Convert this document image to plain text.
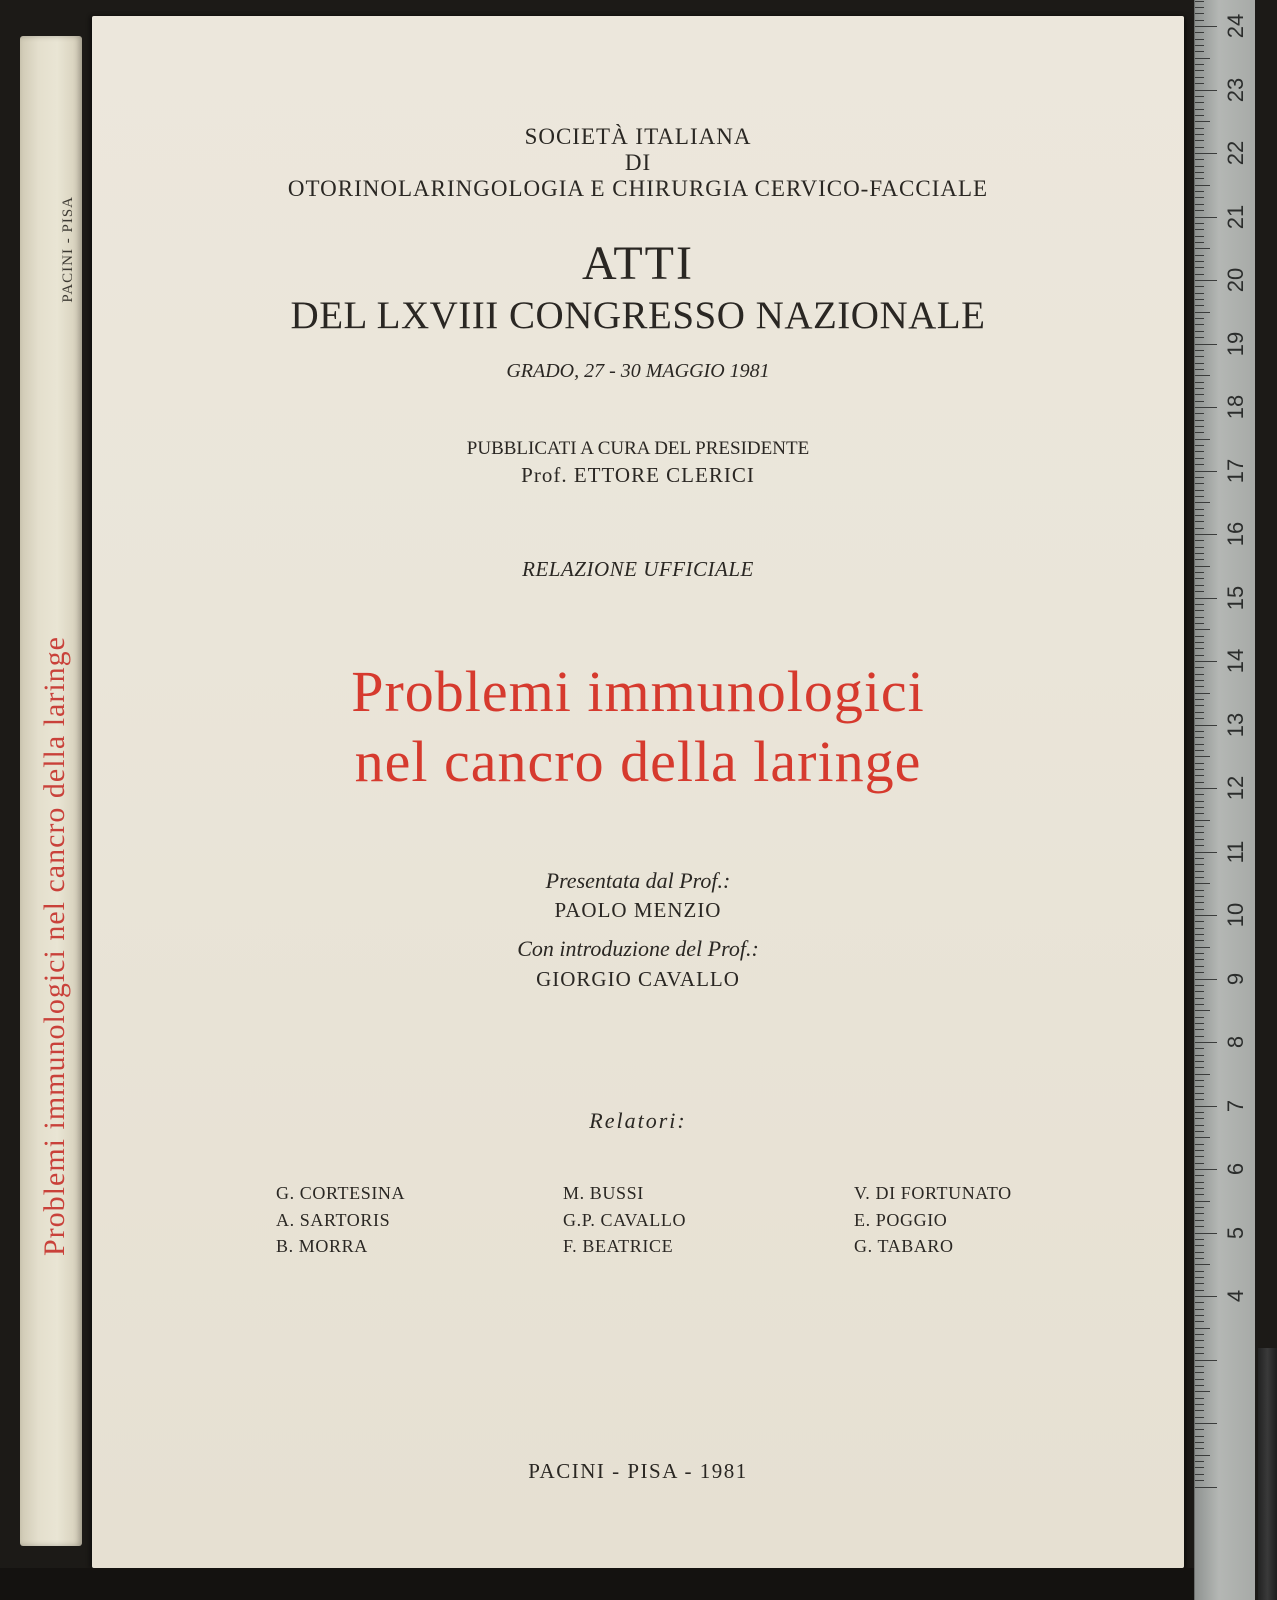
PACINI - PISA
Problemi immunologici nel cancro della laringe
SOCIETÀ ITALIANA
DI
OTORINOLARINGOLOGIA E CHIRURGIA CERVICO-FACCIALE
ATTI
DEL LXVIII CONGRESSO NAZIONALE
GRADO, 27 - 30 MAGGIO 1981
PUBBLICATI A CURA DEL PRESIDENTE
Prof. ETTORE CLERICI
RELAZIONE UFFICIALE
Problemi immunologici
nel cancro della laringe
Presentata dal Prof.:
PAOLO MENZIO
Con introduzione del Prof.:
GIORGIO CAVALLO
Relatori:
G. CORTESINA
A. SARTORIS
B. MORRA
M. BUSSI
G.P. CAVALLO
F. BEATRICE
V. DI FORTUNATO
E. POGGIO
G. TABARO
PACINI - PISA - 1981
4
5
6
7
8
9
10
11
12
13
14
15
16
17
18
19
20
21
22
23
24
